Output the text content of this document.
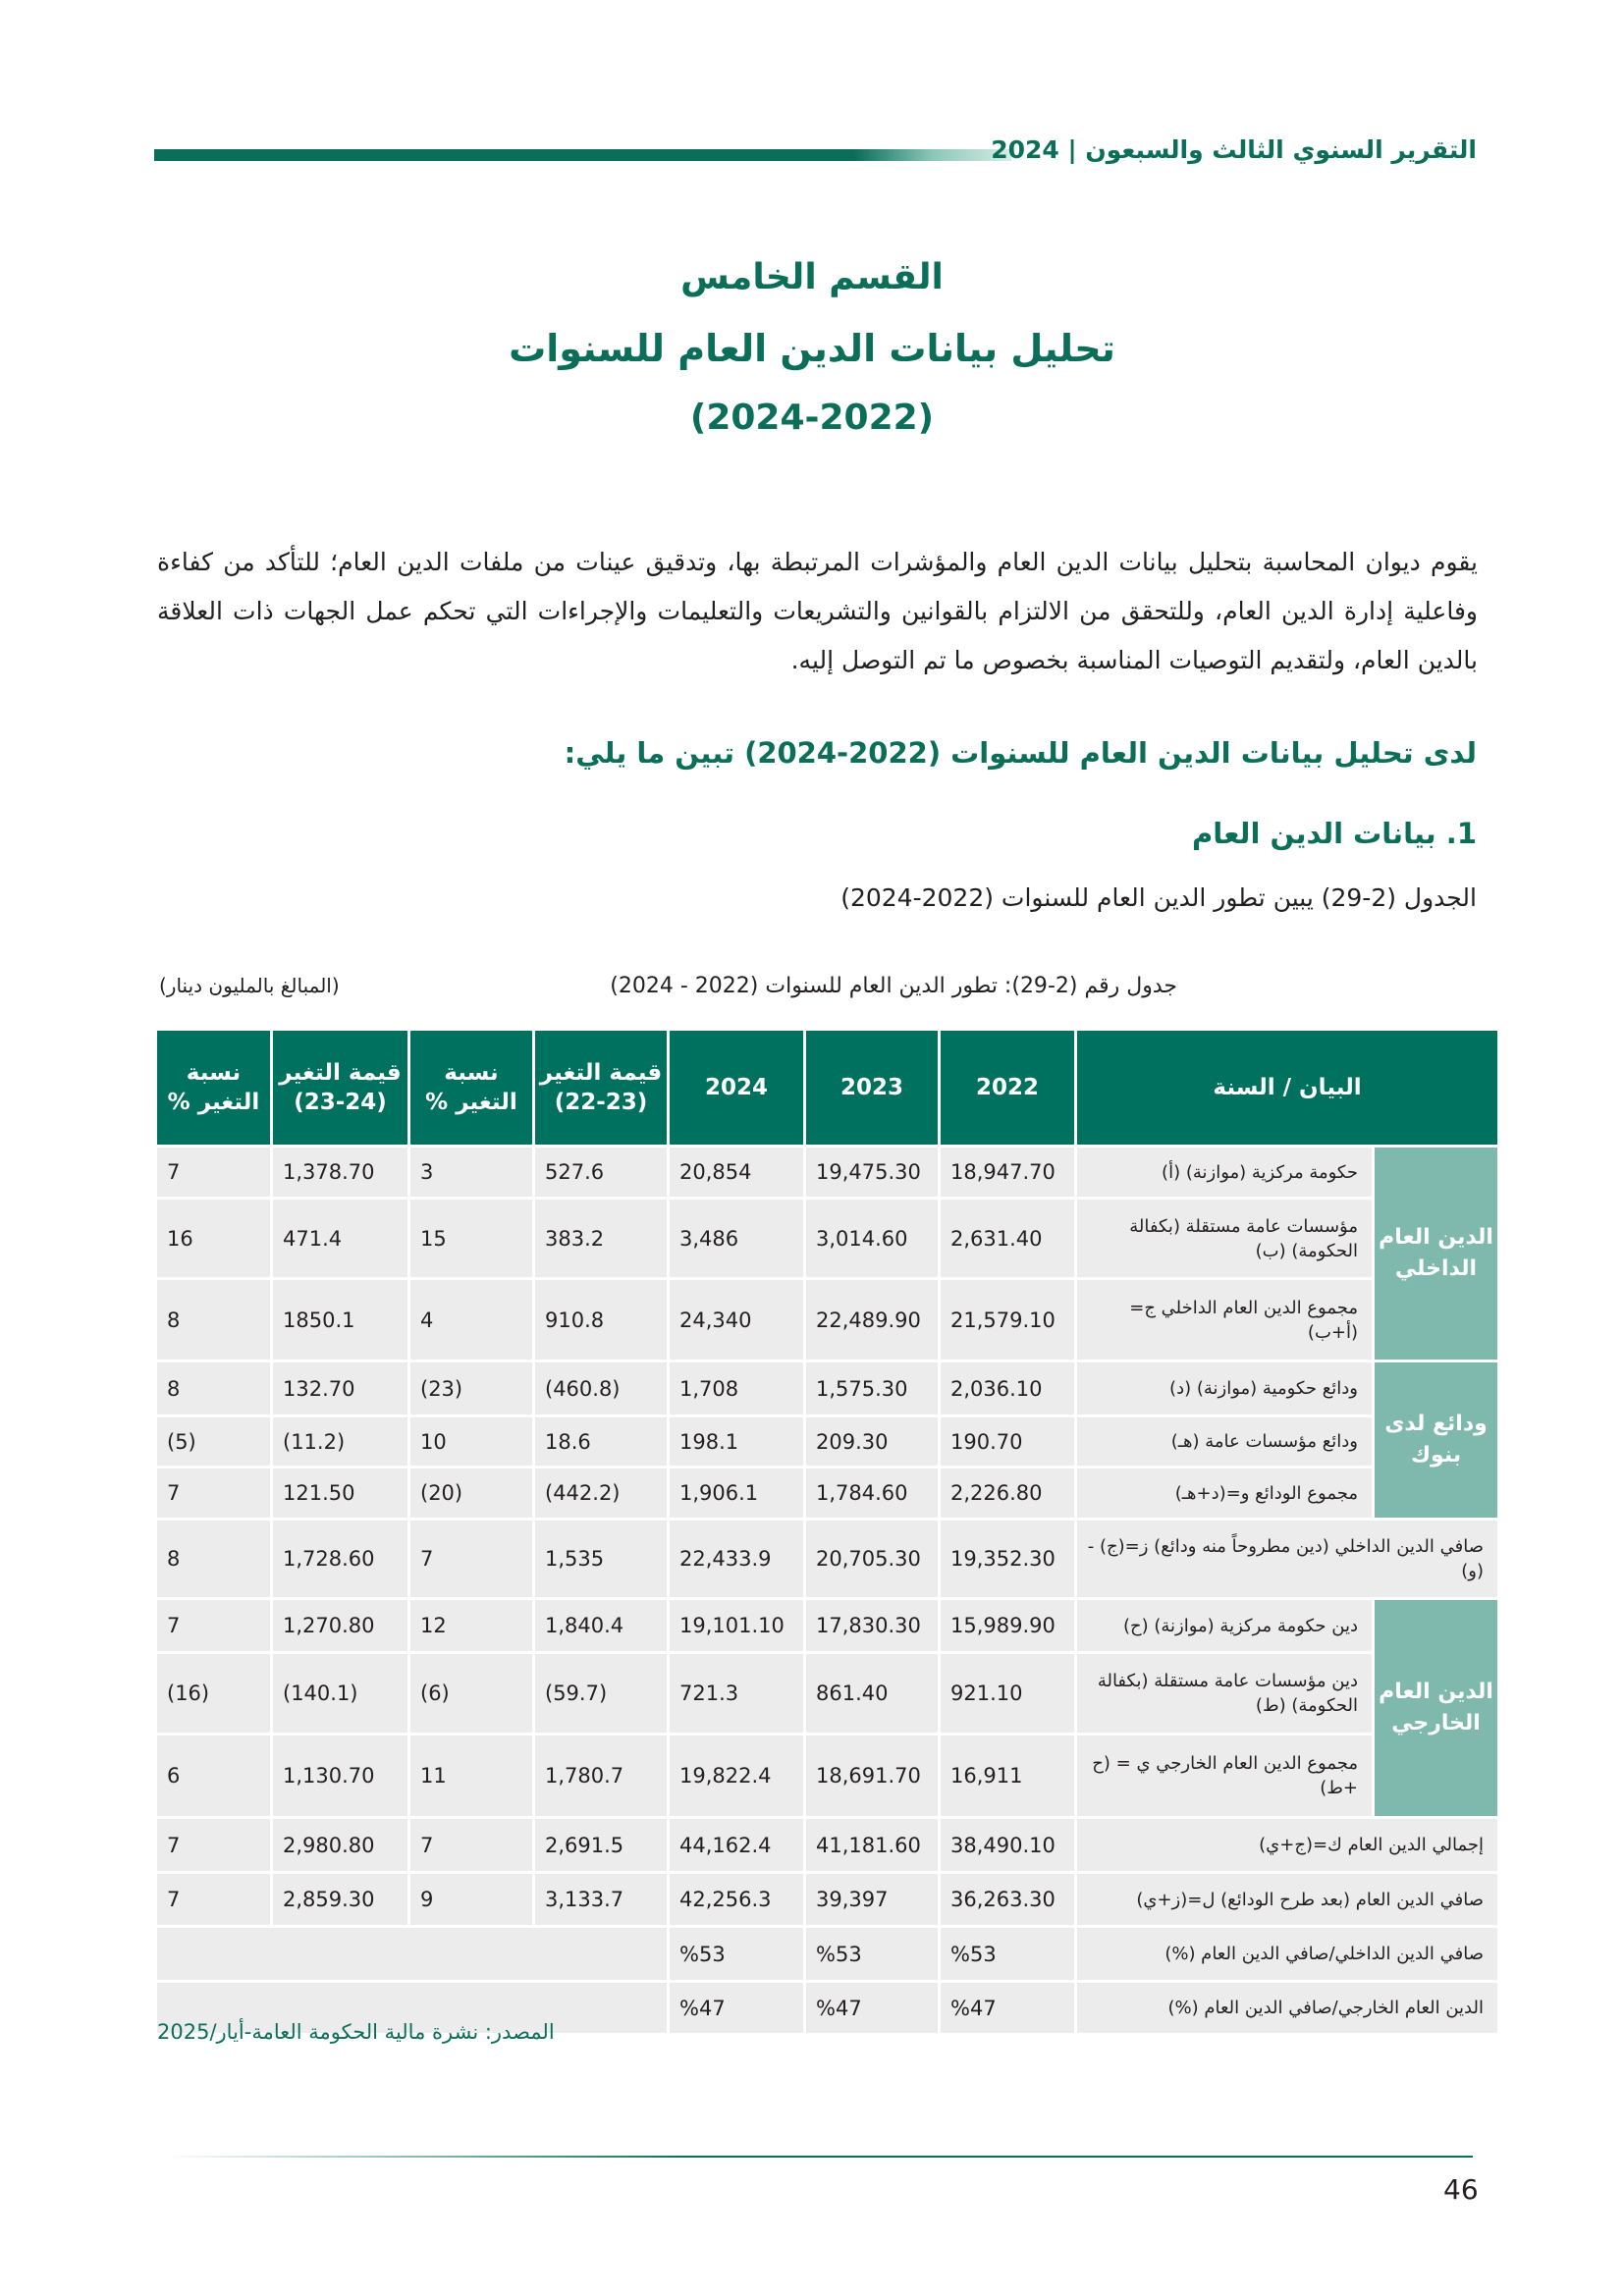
التقرير السنوي الثالث والسبعون | 2024
القسم الخامس
تحليل بيانات الدين العام للسنوات
(2024-2022)
يقوم ديوان المحاسبة بتحليل بيانات الدين العام والمؤشرات المرتبطة بها، وتدقيق عينات من ملفات الدين العام؛ للتأكد من كفاءة وفاعلية إدارة الدين العام، وللتحقق من الالتزام بالقوانين والتشريعات والتعليمات والإجراءات التي تحكم عمل الجهات ذات العلاقة بالدين العام، ولتقديم التوصيات المناسبة بخصوص ما تم التوصل إليه.
لدى تحليل بيانات الدين العام للسنوات (2022-2024) تبين ما يلي:
1. بيانات الدين العام
الجدول (2-29) يبين تطور الدين العام للسنوات (2022-2024)
جدول رقم (2-29): تطور الدين العام للسنوات (2022 - 2024)
(المبالغ بالمليون دينار)
البيان / السنة		2022	2023	2024	قيمة التغير (23-22)	نسبة التغير %	قيمة التغير (24-23)	نسبة التغير %
الدين العام الداخلي	حكومة مركزية (موازنة) (أ)	18,947.70	19,475.30	20,854	527.6	3	1,378.70	7
	مؤسسات عامة مستقلة (بكفالة الحكومة) (ب)	2,631.40	3,014.60	3,486	383.2	15	471.4	16
	مجموع الدين العام الداخلي ج= (أ+ب)	21,579.10	22,489.90	24,340	910.8	4	1850.1	8
ودائع لدى بنوك	ودائع حكومية (موازنة) (د)	2,036.10	1,575.30	1,708	(460.8)	(23)	132.70	8
	ودائع مؤسسات عامة (هـ)	190.70	209.30	198.1	18.6	10	(11.2)	(5)
	مجموع الودائع و=(د+هـ)	2,226.80	1,784.60	1,906.1	(442.2)	(20)	121.50	7
صافي الدين الداخلي (دين مطروحاً منه ودائع) ز=(ج) - (و)		19,352.30	20,705.30	22,433.9	1,535	7	1,728.60	8
الدين العام الخارجي	دين حكومة مركزية (موازنة) (ح)	15,989.90	17,830.30	19,101.10	1,840.4	12	1,270.80	7
	دين مؤسسات عامة مستقلة (بكفالة الحكومة) (ط)	921.10	861.40	721.3	(59.7)	(6)	(140.1)	(16)
	مجموع الدين العام الخارجي ي = (ح +ط)	16,911	18,691.70	19,822.4	1,780.7	11	1,130.70	6
إجمالي الدين العام ك=(ج+ي)		38,490.10	41,181.60	44,162.4	2,691.5	7	2,980.80	7
صافي الدين العام (بعد طرح الودائع) ل=(ز+ي)		36,263.30	39,397	42,256.3	3,133.7	9	2,859.30	7
صافي الدين الداخلي/صافي الدين العام (%)		%53	%53	%53				
الدين العام الخارجي/صافي الدين العام (%)		%47	%47	%47				
المصدر: نشرة مالية الحكومة العامة-أيار/2025
46
